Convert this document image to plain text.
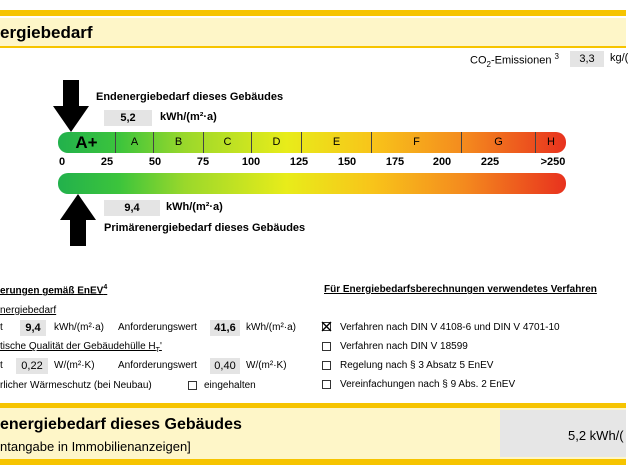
ergiebedarf
$CO_2$-Emissionen $^3$	3,3	kg/(
Endenergiebedarf dieses Gebäudes
5,2	kWh/(m²·a)
A+	A	B	C	D	E	F	G	H
0	25	50	75	100	125	150	175	200	225	>250
9,4	kWh/(m²·a)
Primärenergiebedarf dieses Gebäudes
erungen gemäß EnEV$^4$
nergiebedarf
t	9,4	kWh/(m²·a) Anforderungswert	41,6	kWh/(m²·a)
tische Qualität der Gebäudehülle $H_T'$
t	0,22	W/(m²·K) Anforderungswert	0,40	W/(m²·K)
rlicher Wärmeschutz (bei Neubau)	eingehalten
Für Energiebedarfsberechnungen verwendetes Verfahren
Verfahren nach DIN V 4108-6 und DIN V 4701-10
Verfahren nach DIN V 18599
Regelung nach § 3 Absatz 5 EnEV
Vereinfachungen nach § 9 Abs. 2 EnEV
energiebedarf dieses Gebäudes
ntangabe in Immobilienanzeigen]
5,2 kWh/(
